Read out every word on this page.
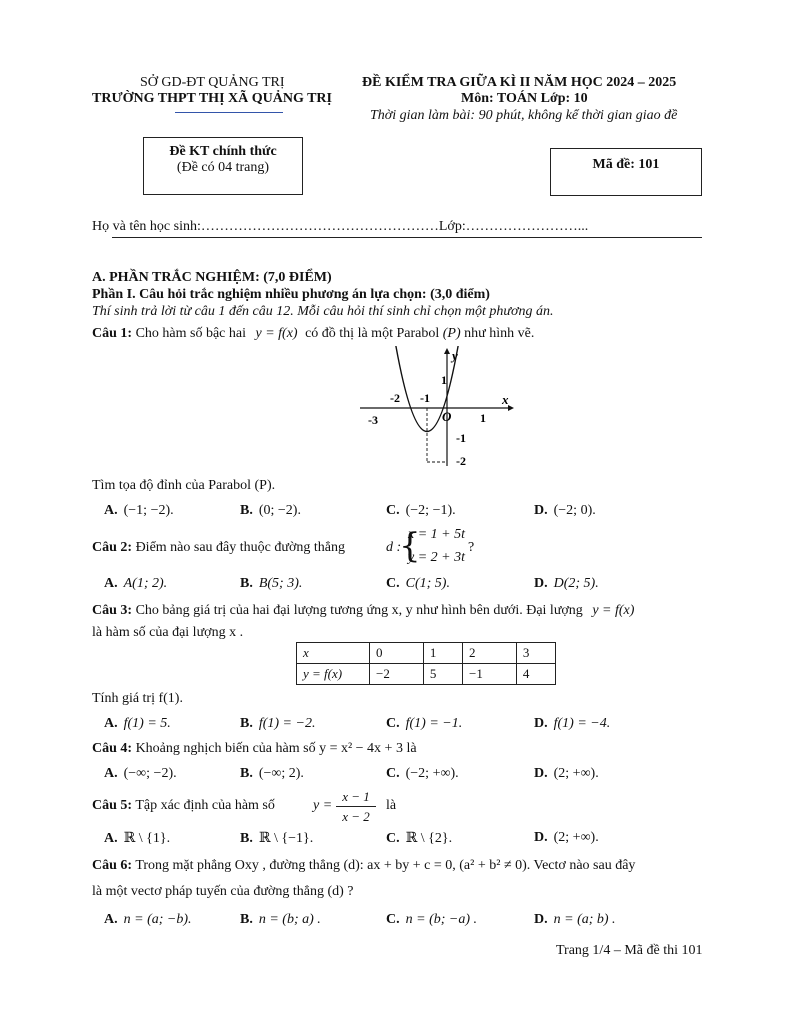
SỞ GD-ĐT QUẢNG TRỊ
TRƯỜNG THPT THỊ XÃ QUẢNG TRỊ
ĐỀ KIỂM TRA GIỮA KÌ II NĂM HỌC 2024 – 2025
Môn: TOÁN Lớp: 10
Thời gian làm bài: 90 phút, không kể thời gian giao đề
Đề KT chính thức
(Đề có 04 trang)	Mã đề: 101
Họ và tên học sinh:……………………………………………Lớp:……………………...
A. PHẦN TRẮC NGHIỆM: (7,0 ĐIỂM)
Phần I. Câu hỏi trắc nghiệm nhiều phương án lựa chọn: (3,0 điểm)
Thí sinh trả lời từ câu 1 đến câu 12. Mỗi câu hỏi thí sinh chỉ chọn một phương án.
Câu 1: Cho hàm số bậc hai y = f(x) có đồ thị là một Parabol (P) như hình vẽ.
-2 -1
-3	1
1
-1
-2
O
x
y
Tìm tọa độ đỉnh của Parabol (P).
A. (−1; −2).	B. (0; −2).	C. (−2; −1).	D. (−2; 0).
Câu 2: Điểm nào sau đây thuộc đường thẳng	d :
{
x = 1 + 5t
y = 2 + 3t
?
A. A(1; 2).	B. B(5; 3).	C. C(1; 5).	D. D(2; 5).
Câu 3: Cho bảng giá trị của hai đại lượng tương ứng x, y như hình bên dưới. Đại lượng y = f(x)
là hàm số của đại lượng x .
x	0	1	2	3
y = f(x)	−2	5	−1	4
Tính giá trị f(1).
A. f(1) = 5.	B. f(1) = −2.	C. f(1) = −1.	D. f(1) = −4.
Câu 4: Khoảng nghịch biến của hàm số y = x² − 4x + 3 là
A. (−∞; −2).	B. (−∞; 2).	C. (−2; +∞).	D. (2; +∞).
Câu 5: Tập xác định của hàm số	y =
x − 1
x − 2
là
A. ℝ \ {1}.	B. ℝ \ {−1}.	C. ℝ \ {2}.	D. (2; +∞).
Câu 6: Trong mặt phẳng Oxy , đường thẳng (d): ax + by + c = 0, (a² + b² ≠ 0). Vectơ nào sau đây
là một vectơ pháp tuyến của đường thẳng (d) ?
A. n = (a; −b).	B. n = (b; a) .	C. n = (b; −a) .	D. n = (a; b) .
Trang 1/4 – Mã đề thi 101
